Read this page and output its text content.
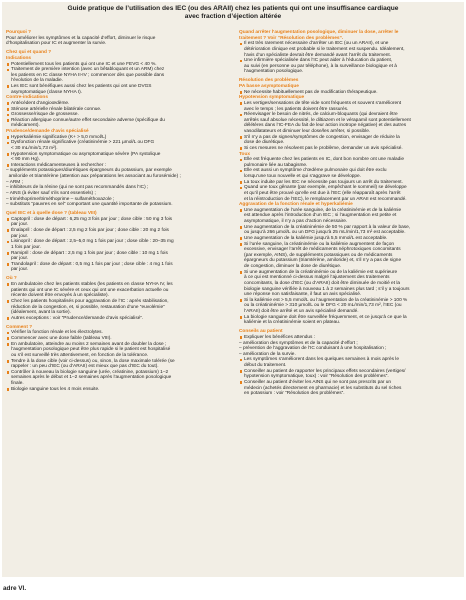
Guide pratique de l’utilisation des IEC (ou des ARAII) chez les patients qui ont une insuffisance cardiaque
avec fraction d’éjection altérée
Pourquoi ?
Pour améliorer les symptômes et la capacité d’effort, diminuer le risque
d’hospitalisation pour IC et augmenter la survie.
Chez qui et quand ?
Indications
Potentiellement tous les patients qui ont une IC et une FEVG < 40 %.
Traitement de première intention (avec un bêtabloquant et un ARM) chez
les patients en IC classe NYHA II-IV ; commencer dès que possible dans
l’évolution de la maladie.
Les IEC sont bénéfiques aussi chez les patients qui ont une DVGS
asymptomatique (classe NYHA I).
Contre-indications
Antécédent d’angioœdème.
Sténose artérielle rénale bilatérale connue.
Grossesse/risque de grossesse.
Réaction allergique connue/autre effet secondaire adverse (spécifique du
médicament).
Prudence/demande d’avis spécialisé
Hyperkaliémie significative (K+ > 5,0 mmol/L)
Dysfonction rénale significative (créatininémie > 221 µmol/L ou DFG
< 30 mL/min/1,73 m²).
Hypotension symptomatique ou asymptomatique sévère (PA systolique
< 90 mm Hg).
Interactions médicamenteuses à rechercher :
– suppléments potassiques/diurétiques épargneurs du potassium, par exemple
amiloride et triamtérène (attention aux préparations les associant au furosémide) ;
– ARM ;
– inhibiteurs de la rénine (qui ne sont pas recommandés dans l’IC) ;
– AINS (à éviter sauf s’ils sont essentiels) ;
– triméthoprime/triméthoprime – sulfaméthoxazole ;
– substituts “pauvres en sel” comportant une quantité importante de potassium.
Quel IEC et à quelle dose ? (tableau VIII)
Captopril : dose de départ : 6,25 mg 3 fois par jour ; dose cible : 50 mg 3 fois
par jour.
Énalapril : dose de départ : 2,5 mg 2 fois par jour ; dose cible : 20 mg 2 fois
par jour.
Lisinopril : dose de départ : 2,5–5,0 mg 1 fois par jour ; dose cible : 20–35 mg
1 fois par jour.
Ramipril : dose de départ : 2,5 mg 1 fois par jour ; dose cible : 10 mg 1 fois
par jour.
Trandolapril : dose de départ : 0,5 mg 1 fois par jour ; dose cible : 4 mg 1 fois
par jour.
Où ?
En ambulatoire chez les patients stables (les patients en classe NYHA IV, les
patients qui ont une IC sévère et ceux qui ont une exacerbation actuelle ou
récente doivent être envoyés à un spécialiste).
Chez les patients hospitalisés pour aggravation de l’IC : après stabilisation,
réduction de la congestion, et, si possible, restauration d’une “euvolémie”
(idéalement, avant la sortie).
Autres exceptions : voir “Prudence/demande d’avis spécialisé”.
Comment ?
Vérifier la fonction rénale et les électrolytes.
Commencer avec une dose faible (tableau VIII).
En ambulatoire, atteindre au moins 2 semaines avant de doubler la dose ;
l’augmentation posologique peut être plus rapide si le patient est hospitalisé
ou s’il est surveillé très attentivement, en fonction de la tolérance.
Tendre à la dose cible (voir ci-dessus) ou, sinon, la dose maximale tolérée (se
rappeler : un peu d’IEC (ou d’ARAII) est mieux que pas d’IEC du tout).
Contrôler à nouveau la biologie sanguine (urée, créatinine, potassium) 1–2
semaines après le début et 1–2 semaines après l’augmentation posologique
finale.
Biologie sanguine tous les 4 mois ensuite.
Quand arrêter l’augmentation posologique, diminuer la dose, arrêter le
traitement ? Voir “Résolution des problèmes”.
Il est très rarement nécessaire d’arrêter un IEC (ou un ARAII), et une
détérioration clinique est probable si le traitement est suspendu. Idéalement,
l’avis d’un spécialiste devrait être demandé avant l’arrêt du traitement.
Une infirmière spécialisée dans l’IC peut aider à l’éducation du patient,
au suivi (en personne ou par téléphone), à la surveillance biologique et à
l’augmentation posologique.
Résolution des problèmes
PA basse asymptomatique
Ne nécessite habituellement pas de modification thérapeutique.
Hypotension symptomatique
Les vertiges/sensations de tête vide sont fréquents et souvent s’améliorent
avec le temps ; les patients doivent être rassurés.
Réenvisager le besoin de nitrés, de calcium-bloquants (qui devraient être
arrêtés sauf absolue nécessité, le diltiazem et le vérapamil sont potentiellement
délétères dans l’IC-FEA du fait de leur action inotrope négative) et des autres
vasodilatateurs et diminuer leur dose/les arrêter, si possible.
S’il n’y a pas de signes/symptômes de congestion, envisager de réduire la
dose de diurétique.
Si ces mesures ne résolvent pas le problème, demander un avis spécialisé.
Toux
Elle est fréquente chez les patients en IC, dont bon nombre ont une maladie
pulmonaire liée au tabagisme.
Elle est aussi un symptôme d’œdème pulmonaire qui doit être exclu
lorsqu’une toux nouvelle et qui s’aggrave se développe.
La toux induite par les IEC ne nécessite pas toujours un arrêt du traitement.
Quand une toux gênante (par exemple, empêchant le sommeil) se développe
et qu’il peut être prouvé qu’elle est due à l’IEC (elle réapparaît après l’arrêt
et la réintroduction de l’IEC), le remplacement par un ARAII est recommandé.
Aggravation de la fonction rénale et hyperkaliémie
Une augmentation de l’urée sanguine, de la créatininémie et de la kaliémie
est attendue après l’introduction d’un IEC ; si l’augmentation est petite et
asymptomatique, il n’y a pas d’action nécessaire.
Une augmentation de la créatininémie de 50 % par rapport à la valeur de base,
ou jusqu’à 266 µmol/L ou un DFG jusqu’à 25 mL/min/1,73 m² est acceptable.
Une augmentation de la kaliémie jusqu’à 5,5 mmol/L est acceptable.
Si l’urée sanguine, la créatininémie ou la kaliémie augmentent de façon
excessive, envisager l’arrêt de médicaments néphrotoxiques concomitants
(par exemple, AINS), de suppléments potassiques ou de médicaments
épargneurs du potassium (triamtérène, amiloride) et, s’il n’y a pas de signe
de congestion, diminuer la dose de diurétique.
Si une augmentation de la créatininémie ou de la kaliémie est supérieure
à ce qui est mentionné ci-dessus malgré l’ajustement des traitements
concomitants, la dose d’IEC (ou d’ARAII) doit être diminuée de moitié et la
biologie sanguine vérifiée à nouveau 1 à 2 semaines plus tard ; s’il y a toujours
une réponse non satisfaisante, il faut un avis spécialisé.
Si la kaliémie est > 5,5 mmol/L ou l’augmentation de la créatininémie > 100 %
ou la créatininémie > 310 µmol/L ou le DFG < 20 mL/min/1,73 m², l’IEC (ou
l’ARAII) doit être arrêté et un avis spécialisé demandé.
La biologie sanguine doit être surveillée fréquemment, et ce jusqu’à ce que la
kaliémie et la créatininémie soient en plateau.
Conseils au patient
Expliquer les bénéfices attendus :
– amélioration des symptômes et de la capacité d’effort ;
– prévention de l’aggravation de l’IC conduisant à une hospitalisation ;
– amélioration de la survie.
Les symptômes s’améliorent dans les quelques semaines à mois après le
début du traitement.
Conseiller au patient de rapporter les principaux effets secondaires (vertiges/
hypotension symptomatique, toux) : voir “Résolution des problèmes”.
Conseiller au patient d’éviter les AINS qui ne sont pas prescrits par un
médecin (achetés directement en pharmacie) et les substituts du sel riches
en potassium : voir “Résolution des problèmes”.
adre VI.
